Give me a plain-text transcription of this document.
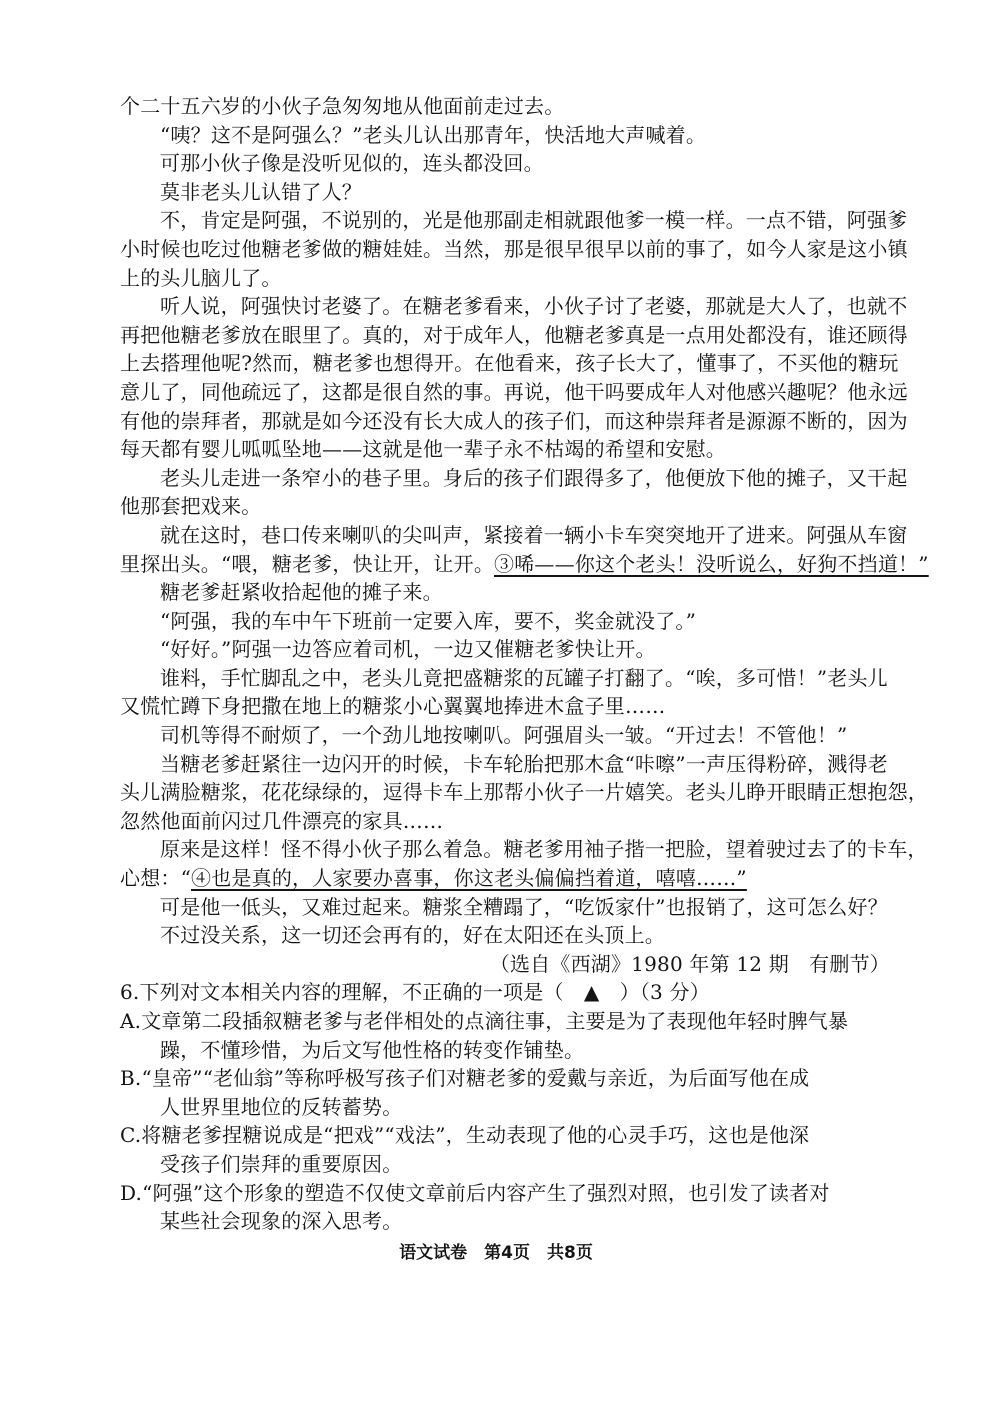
个二十五六岁的小伙子急匆匆地从他面前走过去。
“咦？这不是阿强么？”老头儿认出那青年，快活地大声喊着。
可那小伙子像是没听见似的，连头都没回。
莫非老头儿认错了人？
不，肯定是阿强，不说别的，光是他那副走相就跟他爹一模一样。一点不错，阿强爹
小时候也吃过他糖老爹做的糖娃娃。当然，那是很早很早以前的事了，如今人家是这小镇
上的头儿脑儿了。
听人说，阿强快讨老婆了。在糖老爹看来，小伙子讨了老婆，那就是大人了，也就不
再把他糖老爹放在眼里了。真的，对于成年人，他糖老爹真是一点用处都没有，谁还顾得
上去搭理他呢?然而，糖老爹也想得开。在他看来，孩子长大了，懂事了，不买他的糖玩
意儿了，同他疏远了，这都是很自然的事。再说，他干吗要成年人对他感兴趣呢？他永远
有他的崇拜者，那就是如今还没有长大成人的孩子们，而这种崇拜者是源源不断的，因为
每天都有婴儿呱呱坠地——这就是他一辈子永不枯竭的希望和安慰。
老头儿走进一条窄小的巷子里。身后的孩子们跟得多了，他便放下他的摊子，又干起
他那套把戏来。
就在这时，巷口传来喇叭的尖叫声，紧接着一辆小卡车突突地开了进来。阿强从车窗
里探出头。“喂，糖老爹，快让开，让开。③唏——你这个老头！没听说么，好狗不挡道！”
糖老爹赶紧收拾起他的摊子来。
“阿强，我的车中午下班前一定要入库，要不，奖金就没了。”
“好好。”阿强一边答应着司机，一边又催糖老爹快让开。
谁料，手忙脚乱之中，老头儿竟把盛糖浆的瓦罐子打翻了。“唉，多可惜！”老头儿
又慌忙蹲下身把撒在地上的糖浆小心翼翼地捧进木盒子里……
司机等得不耐烦了，一个劲儿地按喇叭。阿强眉头一皱。“开过去！不管他！”
当糖老爹赶紧往一边闪开的时候，卡车轮胎把那木盒“咔嚓”一声压得粉碎，溅得老
头儿满脸糖浆，花花绿绿的，逗得卡车上那帮小伙子一片嬉笑。老头儿睁开眼睛正想抱怨，
忽然他面前闪过几件漂亮的家具……
原来是这样！怪不得小伙子那么着急。糖老爹用袖子揩一把脸，望着驶过去了的卡车，
心想：“④也是真的，人家要办喜事，你这老头偏偏挡着道，嘻嘻……”
可是他一低头，又难过起来。糖浆全糟蹋了，“吃饭家什”也报销了，这可怎么好？
不过没关系，这一切还会再有的，好在太阳还在头顶上。
（选自《西湖》1980 年第 12 期　有删节）
6.下列对文本相关内容的理解，不正确的一项是（　▲　）（3 分）
A.文章第二段插叙糖老爹与老伴相处的点滴往事，主要是为了表现他年轻时脾气暴
躁，不懂珍惜，为后文写他性格的转变作铺垫。
B.“皇帝”“老仙翁”等称呼极写孩子们对糖老爹的爱戴与亲近，为后面写他在成
人世界里地位的反转蓄势。
C.将糖老爹捏糖说成是“把戏”“戏法”，生动表现了他的心灵手巧，这也是他深
受孩子们崇拜的重要原因。
D.“阿强”这个形象的塑造不仅使文章前后内容产生了强烈对照，也引发了读者对
某些社会现象的深入思考。
语文试卷　第4页　共8页
